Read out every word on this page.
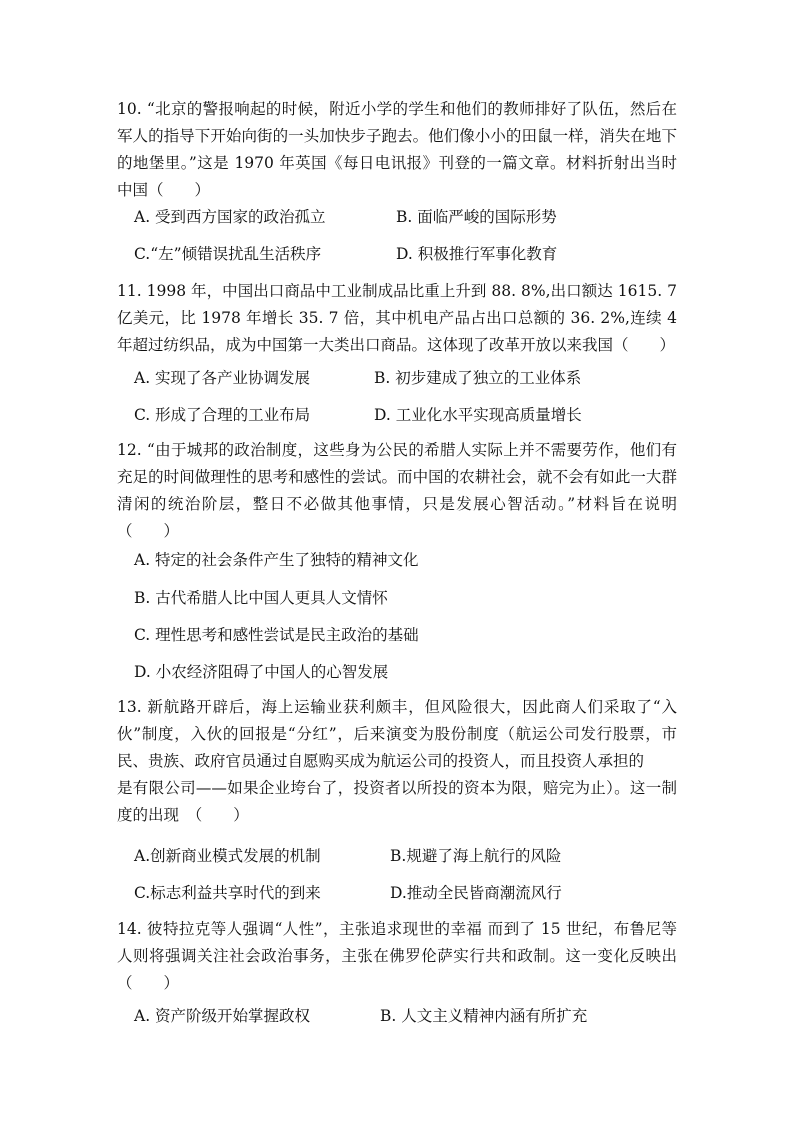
10. “北京的警报响起的时候，附近小学的学生和他们的教师排好了队伍，然后在军人的指导下开始向街的一头加快步子跑去。他们像小小的田鼠一样，消失在地下的地堡里。”这是 1970 年英国《每日电讯报》刊登的一篇文章。材料折射出当时中国（　　）

A. 受到西方国家的政治孤立	B. 面临严峻的国际形势
C.“左”倾错误扰乱生活秩序	D. 积极推行军事化教育

11. 1998 年，中国出口商品中工业制成品比重上升到 88. 8%,出口额达 1615. 7 亿美元，比 1978 年增长 35. 7 倍，其中机电产品占出口总额的 36. 2%,连续 4 年超过纺织品，成为中国第一大类出口商品。这体现了改革开放以来我国（　　）

A. 实现了各产业协调发展	B. 初步建成了独立的工业体系
C. 形成了合理的工业布局	D. 工业化水平实现高质量增长

12. “由于城邦的政治制度，这些身为公民的希腊人实际上并不需要劳作，他们有充足的时间做理性的思考和感性的尝试。而中国的农耕社会，就不会有如此一大群清闲的统治阶层，整日不必做其他事情，只是发展心智活动。”材料旨在说明（　　）

A. 特定的社会条件产生了独特的精神文化
B. 古代希腊人比中国人更具人文情怀
C. 理性思考和感性尝试是民主政治的基础
D. 小农经济阻碍了中国人的心智发展

13. 新航路开辟后，海上运输业获利颇丰，但风险很大，因此商人们采取了“入伙”制度，入伙的回报是“分红”，后来演变为股份制度（航运公司发行股票，市民、贵族、政府官员通过自愿购买成为航运公司的投资人，而且投资人承担的

是有限公司——如果企业垮台了，投资者以所投的资本为限，赔完为止）。这一制度的出现　（　　）

A.创新商业模式发展的机制	B.规避了海上航行的风险
C.标志利益共享时代的到来	D.推动全民皆商潮流风行

14. 彼特拉克等人强调“人性”，主张追求现世的幸福 而到了 15 世纪，布鲁尼等人则将强调关注社会政治事务，主张在佛罗伦萨实行共和政制。这一变化反映出（　　）

A. 资产阶级开始掌握政权	B. 人文主义精神内涵有所扩充
